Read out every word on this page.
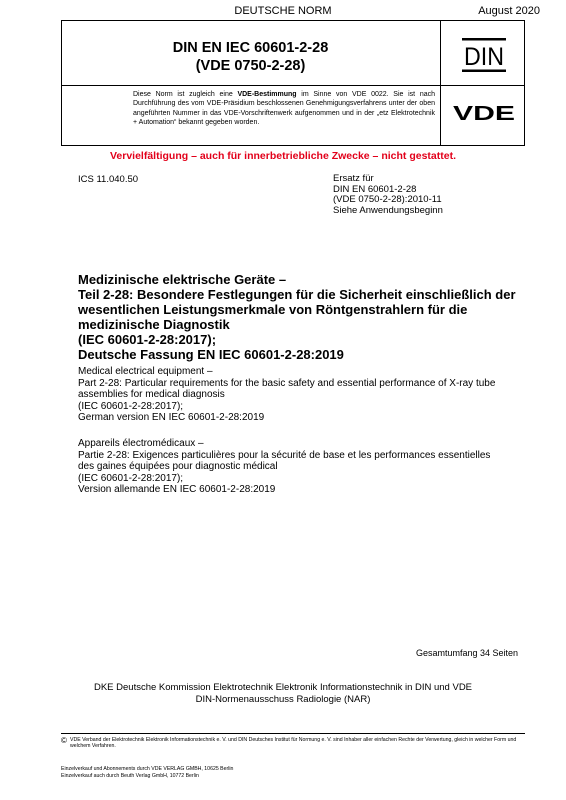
DEUTSCHE NORM	August 2020
DIN EN IEC 60601-2-28
(VDE 0750-2-28)	DIN
VDE
Diese Norm ist zugleich eine VDE-Bestimmung im Sinne von VDE 0022. Sie ist nach Durchführung des vom VDE-Präsidium beschlossenen Genehmigungsverfahrens unter der oben angeführten Nummer in das VDE-Vorschriftenwerk aufgenommen und in der „etz Elektrotechnik + Automation“ bekannt gegeben worden.
Vervielfältigung – auch für innerbetriebliche Zwecke – nicht gestattet.
ICS 11.040.50	Ersatz für
DIN EN 60601-2-28
(VDE 0750-2-28):2010-11
Siehe Anwendungsbeginn
Medizinische elektrische Geräte –
Teil 2-28: Besondere Festlegungen für die Sicherheit einschließlich der
wesentlichen Leistungsmerkmale von Röntgenstrahlern für die
medizinische Diagnostik
(IEC 60601-2-28:2017);
Deutsche Fassung EN IEC 60601-2-28:2019
Medical electrical equipment –
Part 2-28: Particular requirements for the basic safety and essential performance of X-ray tube
assemblies for medical diagnosis
(IEC 60601-2-28:2017);
German version EN IEC 60601-2-28:2019
Appareils électromédicaux –
Partie 2-28: Exigences particulières pour la sécurité de base et les performances essentielles
des gaines équipées pour diagnostic médical
(IEC 60601-2-28:2017);
Version allemande EN IEC 60601-2-28:2019
Gesamtumfang 34 Seiten
DKE Deutsche Kommission Elektrotechnik Elektronik Informationstechnik in DIN und VDE
DIN-Normenausschuss Radiologie (NAR)
© VDE Verband der Elektrotechnik Elektronik Informationstechnik e. V. und DIN Deutsches Institut für Normung e. V. sind Inhaber aller einfachen Rechte der Verwertung, gleich in welcher Form und welchem Verfahren.
Einzelverkauf und Abonnements durch VDE VERLAG GMBH, 10625 Berlin
Einzelverkauf auch durch Beuth Verlag GmbH, 10772 Berlin
